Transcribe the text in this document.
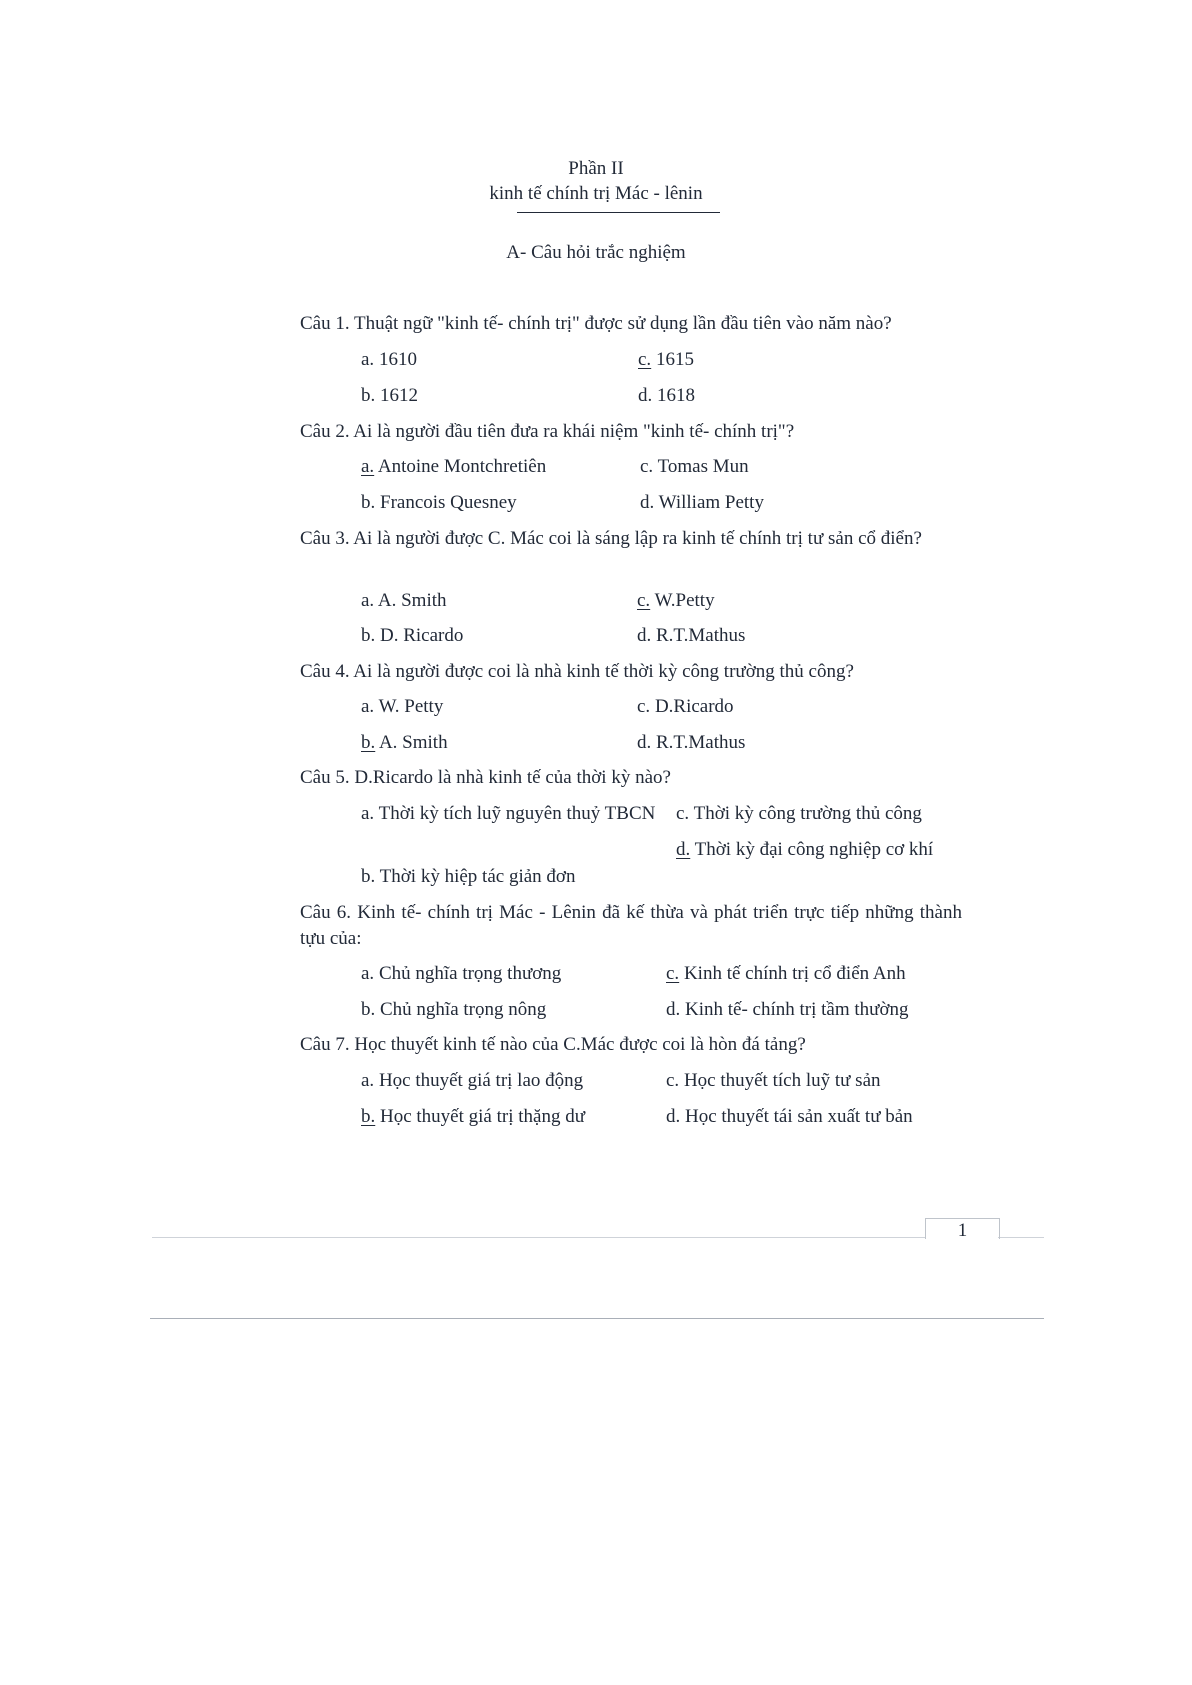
Phần II
kinh tế chính trị Mác - lênin
A- Câu hỏi trắc nghiệm
Câu 1. Thuật ngữ "kinh tế- chính trị" được sử dụng lần đầu tiên vào năm nào?
a. 1610	c. 1615
b. 1612	d. 1618
Câu 2. Ai là người đầu tiên đưa ra khái niệm "kinh tế- chính trị"?
a. Antoine Montchretiên	c. Tomas Mun
b. Francois Quesney	d. William Petty
Câu 3. Ai là người được C. Mác coi là sáng lập ra kinh tế chính trị tư sản cổ điển?
a. A. Smith	c. W.Petty
b. D. Ricardo	d. R.T.Mathus
Câu 4. Ai là người được coi là nhà kinh tế thời kỳ công trường thủ công?
a. W. Petty	c. D.Ricardo
b. A. Smith	d. R.T.Mathus
Câu 5. D.Ricardo là nhà kinh tế của thời kỳ nào?
a. Thời kỳ tích luỹ nguyên thuỷ TBCN c. Thời kỳ công trường thủ công
b. Thời kỳ hiệp tác giản đơn
d. Thời kỳ đại công nghiệp cơ khí
Câu 6. Kinh tế- chính trị Mác - Lênin đã kế thừa và phát triển trực tiếp những thành tựu của:
a. Chủ nghĩa trọng thương	c. Kinh tế chính trị cổ điển Anh
b. Chủ nghĩa trọng nông	d. Kinh tế- chính trị tầm thường
Câu 7. Học thuyết kinh tế nào của C.Mác được coi là hòn đá tảng?
a. Học thuyết giá trị lao động	c. Học thuyết tích luỹ tư sản
b. Học thuyết giá trị thặng dư	d. Học thuyết tái sản xuất tư bản
1
